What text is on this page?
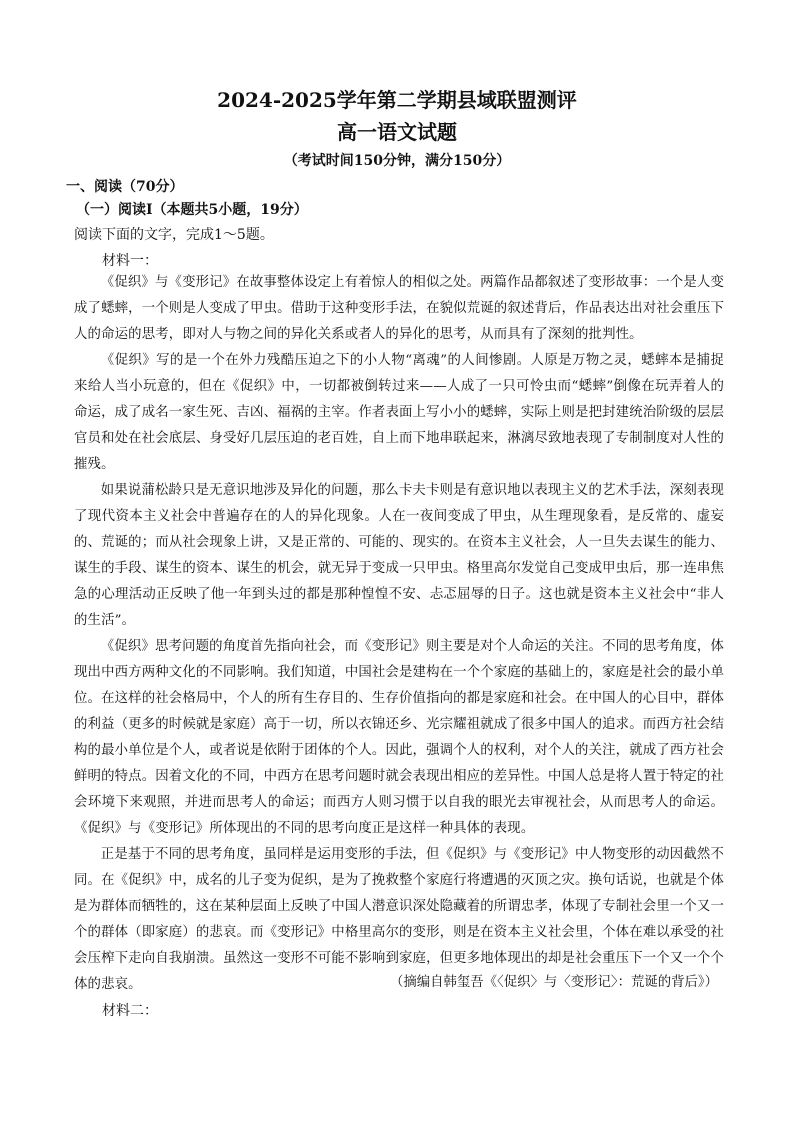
2024-2025学年第二学期县域联盟测评
高一语文试题
（考试时间150分钟，满分150分）
一、阅读（70分）
（一）阅读Ⅰ（本题共5小题，19分）
阅读下面的文字，完成1～5题。
材料一：

《促织》与《变形记》在故事整体设定上有着惊人的相似之处。两篇作品都叙述了变形故事：一个是人变成了蟋蟀，一个则是人变成了甲虫。借助于这种变形手法，在貌似荒诞的叙述背后，作品表达出对社会重压下人的命运的思考，即对人与物之间的异化关系或者人的异化的思考，从而具有了深刻的批判性。

《促织》写的是一个在外力残酷压迫之下的小人物“离魂”的人间惨剧。人原是万物之灵，蟋蟀本是捕捉来给人当小玩意的，但在《促织》中，一切都被倒转过来——人成了一只可怜虫而“蟋蟀”倒像在玩弄着人的命运，成了成名一家生死、吉凶、福祸的主宰。作者表面上写小小的蟋蟀，实际上则是把封建统治阶级的层层官员和处在社会底层、身受好几层压迫的老百姓，自上而下地串联起来，淋漓尽致地表现了专制制度对人性的摧残。

如果说蒲松龄只是无意识地涉及异化的问题，那么卡夫卡则是有意识地以表现主义的艺术手法，深刻表现了现代资本主义社会中普遍存在的人的异化现象。人在一夜间变成了甲虫，从生理现象看，是反常的、虚妄的、荒诞的；而从社会现象上讲，又是正常的、可能的、现实的。在资本主义社会，人一旦失去谋生的能力、谋生的手段、谋生的资本、谋生的机会，就无异于变成一只甲虫。格里高尔发觉自己变成甲虫后，那一连串焦急的心理活动正反映了他一年到头过的都是那种惶惶不安、忐忑屈辱的日子。这也就是资本主义社会中“非人的生活”。

《促织》思考问题的角度首先指向社会，而《变形记》则主要是对个人命运的关注。不同的思考角度，体现出中西方两种文化的不同影响。我们知道，中国社会是建构在一个个家庭的基础上的，家庭是社会的最小单位。在这样的社会格局中，个人的所有生存目的、生存价值指向的都是家庭和社会。在中国人的心目中，群体的利益（更多的时候就是家庭）高于一切，所以衣锦还乡、光宗耀祖就成了很多中国人的追求。而西方社会结构的最小单位是个人，或者说是依附于团体的个人。因此，强调个人的权利，对个人的关注，就成了西方社会鲜明的特点。因着文化的不同，中西方在思考问题时就会表现出相应的差异性。中国人总是将人置于特定的社会环境下来观照，并进而思考人的命运；而西方人则习惯于以自我的眼光去审视社会，从而思考人的命运。《促织》与《变形记》所体现出的不同的思考向度正是这样一种具体的表现。

正是基于不同的思考角度，虽同样是运用变形的手法，但《促织》与《变形记》中人物变形的动因截然不同。在《促织》中，成名的儿子变为促织，是为了挽救整个家庭行将遭遇的灭顶之灾。换句话说，也就是个体是为群体而牺牲的，这在某种层面上反映了中国人潜意识深处隐藏着的所谓忠孝，体现了专制社会里一个又一个的群体（即家庭）的悲哀。而《变形记》中格里高尔的变形，则是在资本主义社会里，个体在难以承受的社会压榨下走向自我崩溃。虽然这一变形不可能不影响到家庭，但更多地体现出的却是社会重压下一个又一个个体的悲哀。	（摘编自韩玺吾《〈促织〉与〈变形记〉：荒诞的背后》）
材料二：
